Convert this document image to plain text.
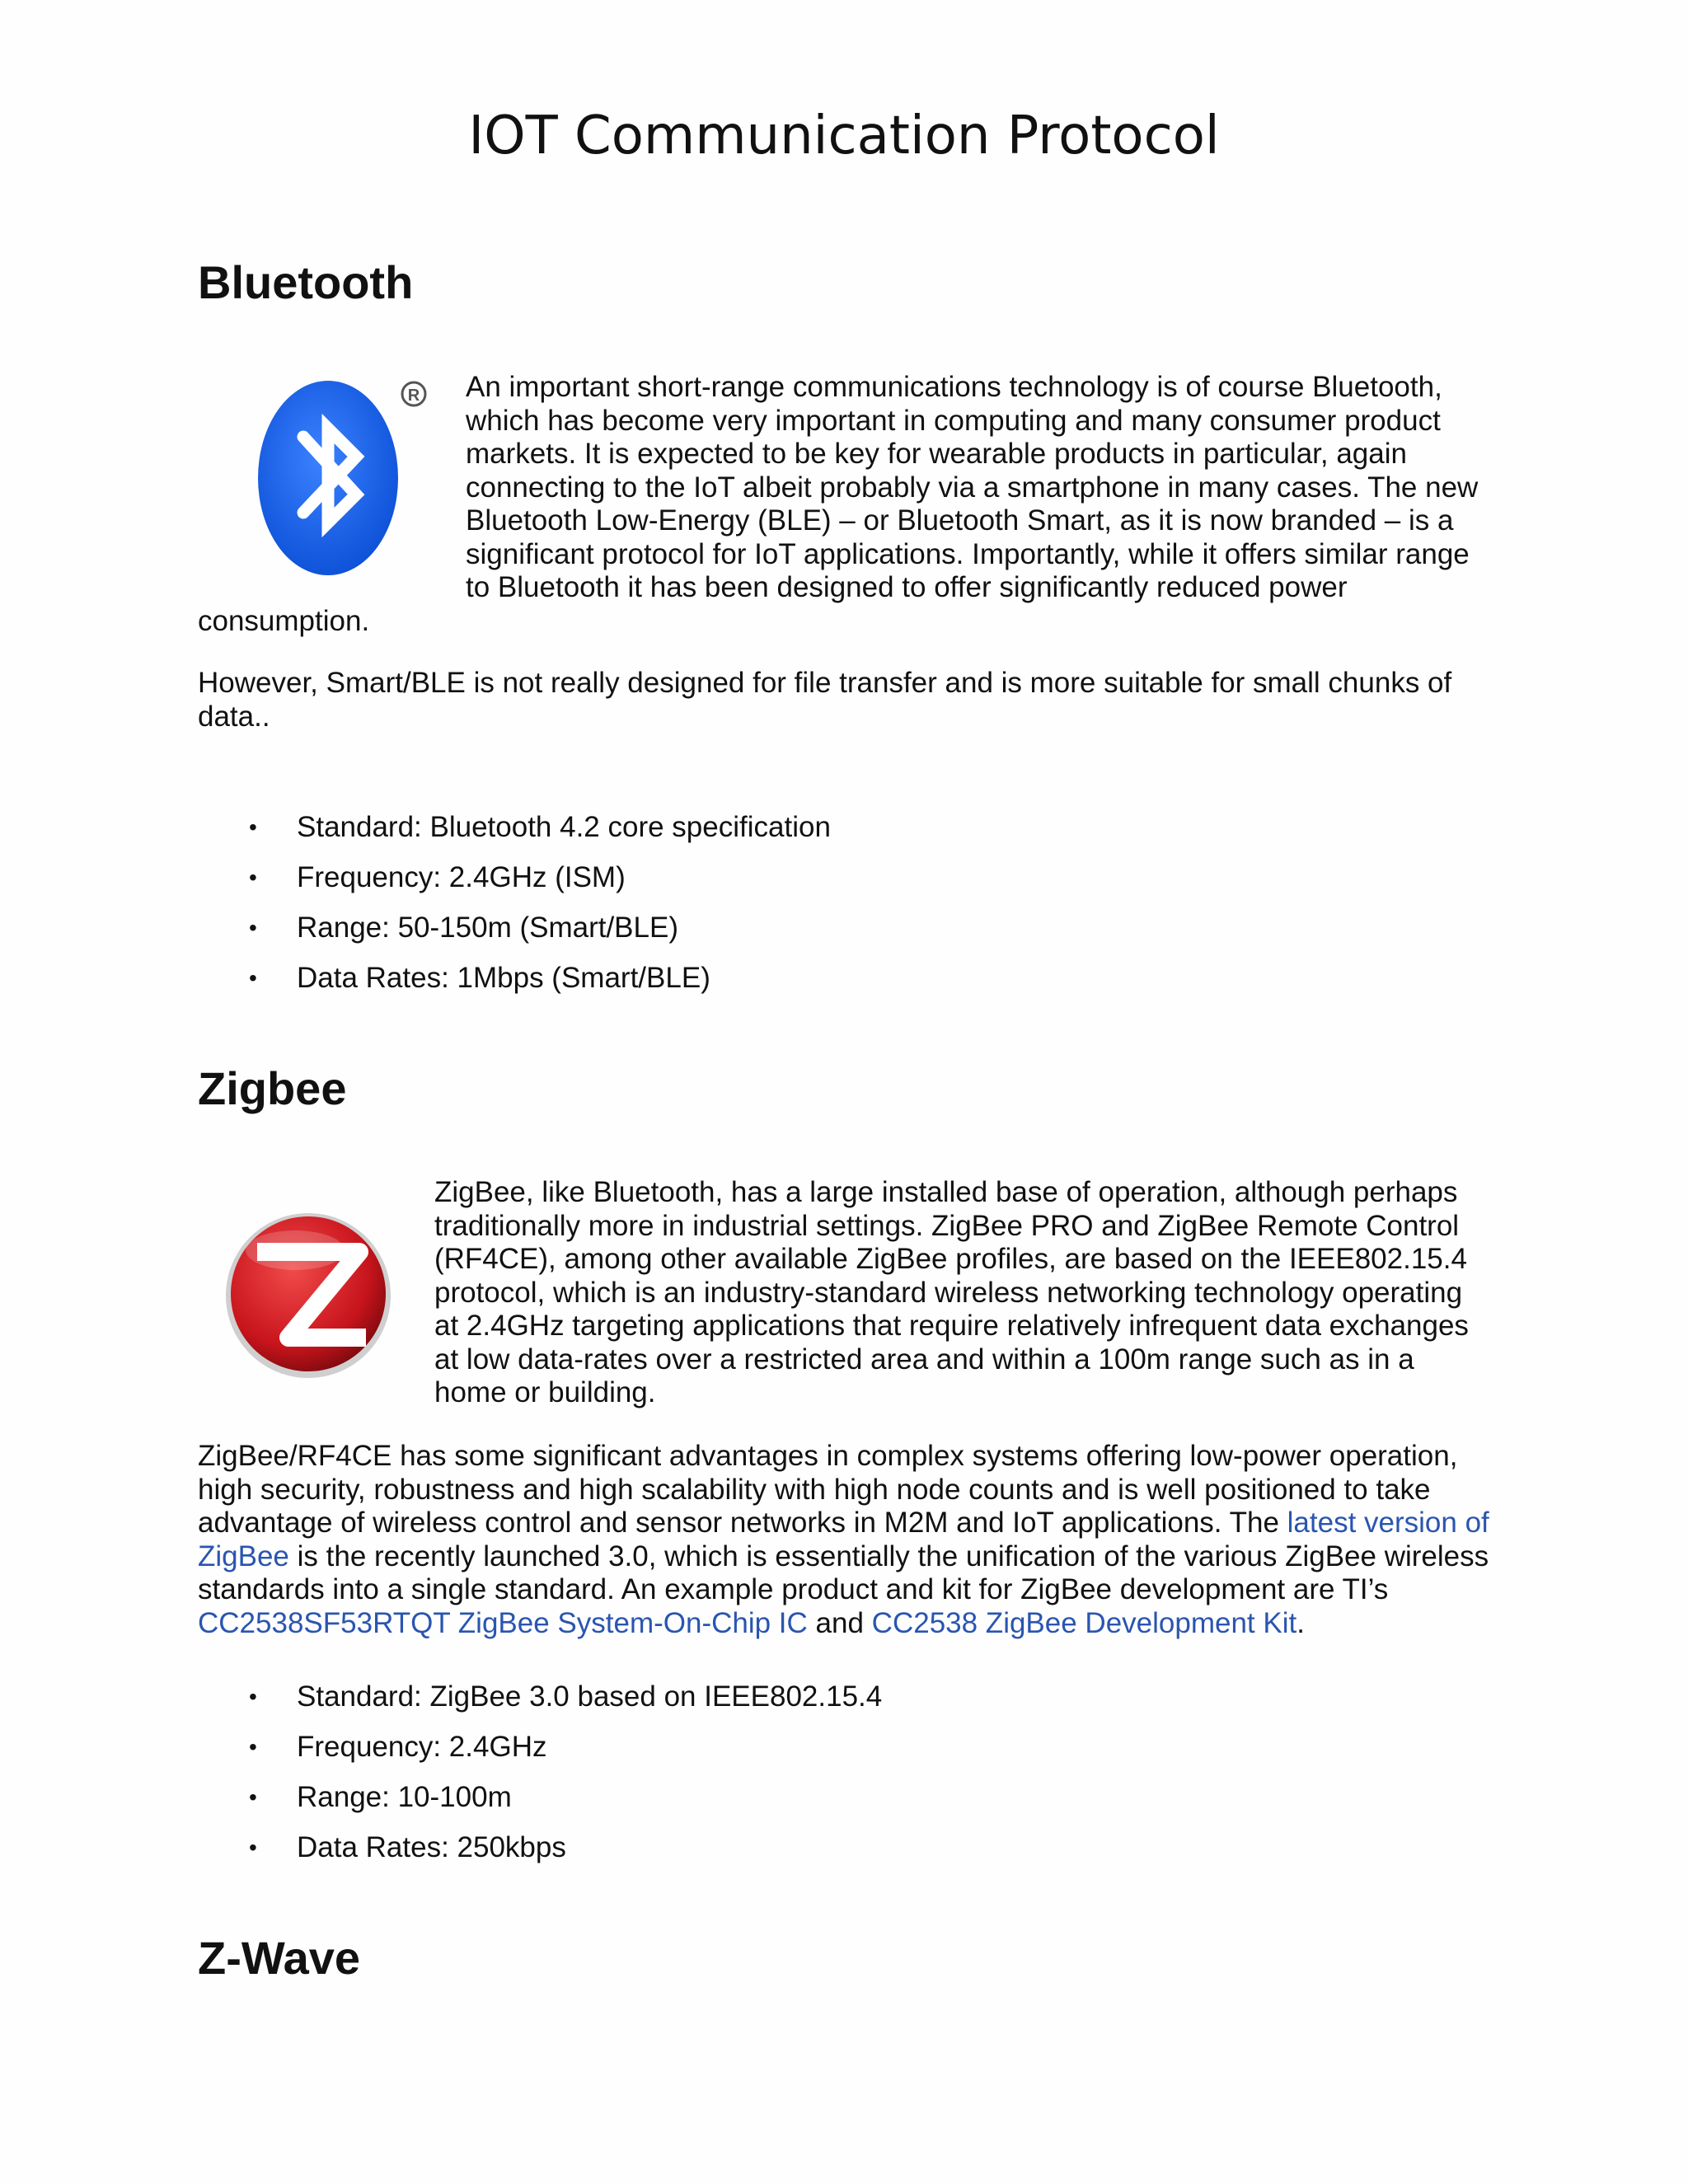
IOT Communication Protocol
Bluetooth
R An important short-range communications technology is of course Bluetooth, which has become very important in computing and many consumer product markets. It is expected to be key for wearable products in particular, again connecting to the IoT albeit probably via a smartphone in many cases. The new Bluetooth Low-Energy (BLE) – or Bluetooth Smart, as it is now branded – is a significant protocol for IoT applications. Importantly, while it offers similar range to Bluetooth it has been designed to offer significantly reduced power consumption.

However, Smart/BLE is not really designed for file transfer and is more suitable for small chunks of data..

• Standard: Bluetooth 4.2 core specification
• Frequency: 2.4GHz (ISM)
• Range: 50-150m (Smart/BLE)
• Data Rates: 1Mbps (Smart/BLE)
Zigbee
ZigBee, like Bluetooth, has a large installed base of operation, although perhaps traditionally more in industrial settings. ZigBee PRO and ZigBee Remote Control (RF4CE), among other available ZigBee profiles, are based on the IEEE802.15.4 protocol, which is an industry-standard wireless networking technology operating at 2.4GHz targeting applications that require relatively infrequent data exchanges at low data-rates over a restricted area and within a 100m range such as in a home or building.

ZigBee/RF4CE has some significant advantages in complex systems offering low-power operation, high security, robustness and high scalability with high node counts and is well positioned to take advantage of wireless control and sensor networks in M2M and IoT applications. The latest version of ZigBee is the recently launched 3.0, which is essentially the unification of the various ZigBee wireless standards into a single standard. An example product and kit for ZigBee development are TI’s CC2538SF53RTQT ZigBee System-On-Chip IC and CC2538 ZigBee Development Kit.

• Standard: ZigBee 3.0 based on IEEE802.15.4
• Frequency: 2.4GHz
• Range: 10-100m
• Data Rates: 250kbps
Z-Wave
